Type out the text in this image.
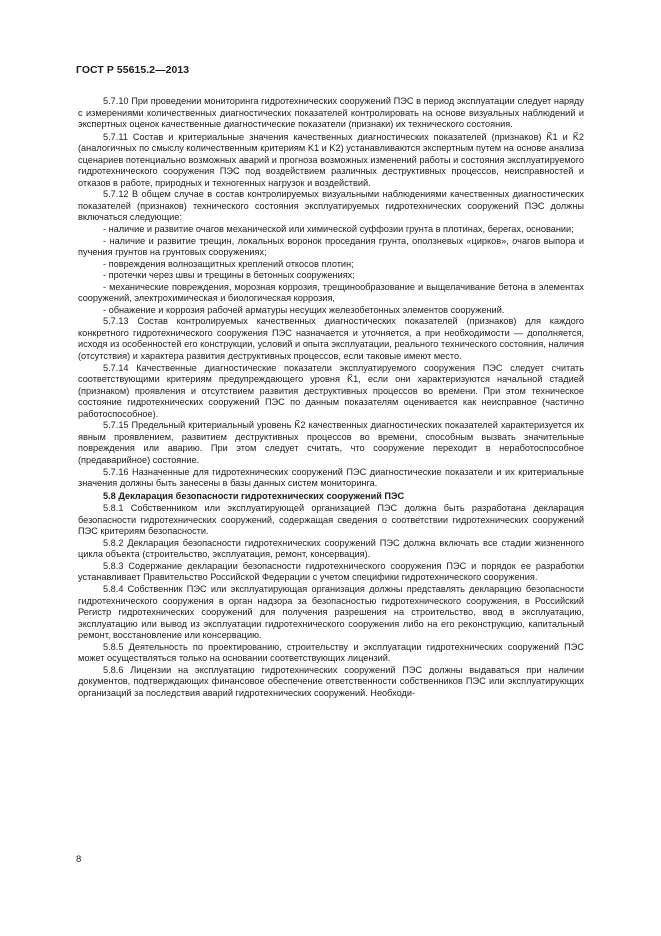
ГОСТ Р 55615.2—2013

5.7.10 При проведении мониторинга гидротехнических сооружений ПЭС в период эксплуатации следует наряду с измерениями количественных диагностических показателей контролировать на основе визуальных наблюдений и экспертных оценок качественные диагностические показатели (признаки) их технического состояния.

5.7.11 Состав и критериальные значения качественных диагностических показателей (признаков) K̃1 и K̃2 (аналогичных по смыслу количественным критериям K1 и K2) устанавливаются экспертным путем на основе анализа сценариев потенциально возможных аварий и прогноза возможных изменений работы и состояния эксплуатируемого гидротехнического сооружения ПЭС под воздействием различных деструктивных процессов, неисправностей и отказов в работе, природных и техногенных нагрузок и воздействий.

5.7.12 В общем случае в состав контролируемых визуальными наблюдениями качественных диагностических показателей (признаков) технического состояния эксплуатируемых гидротехнических сооружений ПЭС должны включаться следующие:

- наличие и развитие очагов механической или химической суффозии грунта в плотинах, берегах, основании;

- наличие и развитие трещин, локальных воронок проседания грунта, оползневых «цирков», очагов выпора и пучения грунтов на грунтовых сооружениях;

- повреждения волнозащитных креплений откосов плотин;

- протечки через швы и трещины в бетонных сооружениях;

- механические повреждения, морозная коррозия, трещинообразование и выщелачивание бетона в элементах сооружений, электрохимическая и биологическая коррозия,

- обнажение и коррозия рабочей арматуры несущих железобетонных элементов сооружений.

5.7.13 Состав контролируемых качественных диагностических показателей (признаков) для каждого конкретного гидротехнического сооружения ПЭС назначается и уточняется, а при необходимости — дополняется, исходя из особенностей его конструкции, условий и опыта эксплуатации, реального технического состояния, наличия (отсутствия) и характера развития деструктивных процессов, если таковые имеют место.

5.7.14 Качественные диагностические показатели эксплуатируемого сооружения ПЭС следует считать соответствующими критериям предупреждающего уровня K̃1, если они характеризуются начальной стадией (признаком) проявления и отсутствием развития деструктивных процессов во времени. При этом техническое состояние гидротехнических сооружений ПЭС по данным показателям оценивается как неисправное (частично работоспособное).

5.7.15 Предельный критериальный уровень K̃2 качественных диагностических показателей характеризуется их явным проявлением, развитием деструктивных процессов во времени, способным вызвать значительные повреждения или аварию. При этом следует считать, что сооружение переходит в неработоспособное (предаварийное) состояние.

5.7.16 Назначенные для гидротехнических сооружений ПЭС диагностические показатели и их критериальные значения должны быть занесены в базы данных систем мониторинга.

5.8 Декларация безопасности гидротехнических сооружений ПЭС

5.8.1 Собственником или эксплуатирующей организацией ПЭС должна быть разработана декларация безопасности гидротехнических сооружений, содержащая сведения о соответствии гидротехнических сооружений ПЭС критериям безопасности.

5.8.2 Декларация безопасности гидротехнических сооружений ПЭС должна включать все стадии жизненного цикла объекта (строительство, эксплуатация, ремонт, консервация).

5.8.3 Содержание декларации безопасности гидротехнического сооружения ПЭС и порядок ее разработки устанавливает Правительство Российской Федерации с учетом специфики гидротехнического сооружения.

5.8.4 Собственник ПЭС или эксплуатирующая организация должны представлять декларацию безопасности гидротехнического сооружения в орган надзора за безопасностью гидротехнического сооружения, в Российский Регистр гидротехнических сооружений для получения разрешения на строительство, ввод в эксплуатацию, эксплуатацию или вывод из эксплуатации гидротехнического сооружения либо на его реконструкцию, капитальный ремонт, восстановление или консервацию.

5.8.5 Деятельность по проектированию, строительству и эксплуатации гидротехнических сооружений ПЭС может осуществляться только на основании соответствующих лицензий.

5.8.6 Лицензии на эксплуатацию гидротехнических сооружений ПЭС должны выдаваться при наличии документов, подтверждающих финансовое обеспечение ответственности собственников ПЭС или эксплуатирующих организаций за последствия аварий гидротехнических сооружений. Необходи-

8
